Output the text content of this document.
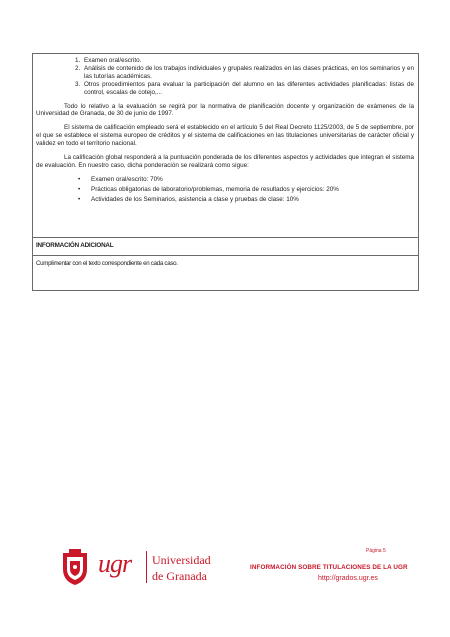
1. Examen oral/escrito.
2. Análisis de contenido de los trabajos individuales y grupales realizados en las clases prácticas, en los seminarios y en las tutorías académicas.
3. Otros procedimientos para evaluar la participación del alumno en las diferentes actividades planificadas: listas de control, escalas de cotejo,...

Todo lo relativo a la evaluación se regirá por la normativa de planificación docente y organización de exámenes de la Universidad de Granada, de 30 de junio de 1997.

El sistema de calificación empleado será el establecido en el artículo 5 del Real Decreto 1125/2003, de 5 de septiembre, por el que se establece el sistema europeo de créditos y el sistema de calificaciones en las titulaciones universitarias de carácter oficial y validez en todo el territorio nacional.

La calificación global responderá a la puntuación ponderada de los diferentes aspectos y actividades que integran el sistema de evaluación. En nuestro caso, dicha ponderación se realizará como sigue:

• Examen oral/escrito: 70%
• Prácticas obligatorias de laboratorio/problemas, memoria de resultados y ejercicios: 20%
• Actividades de los Seminarios, asistencia a clase y pruebas de clase: 10%
INFORMACIÓN ADICIONAL
Cumplimentar con el texto correspondiente en cada caso.
ugr Universidad
de Granada
Página 5
INFORMACIÓN SOBRE TITULACIONES DE LA UGR
http://grados.ugr.es
